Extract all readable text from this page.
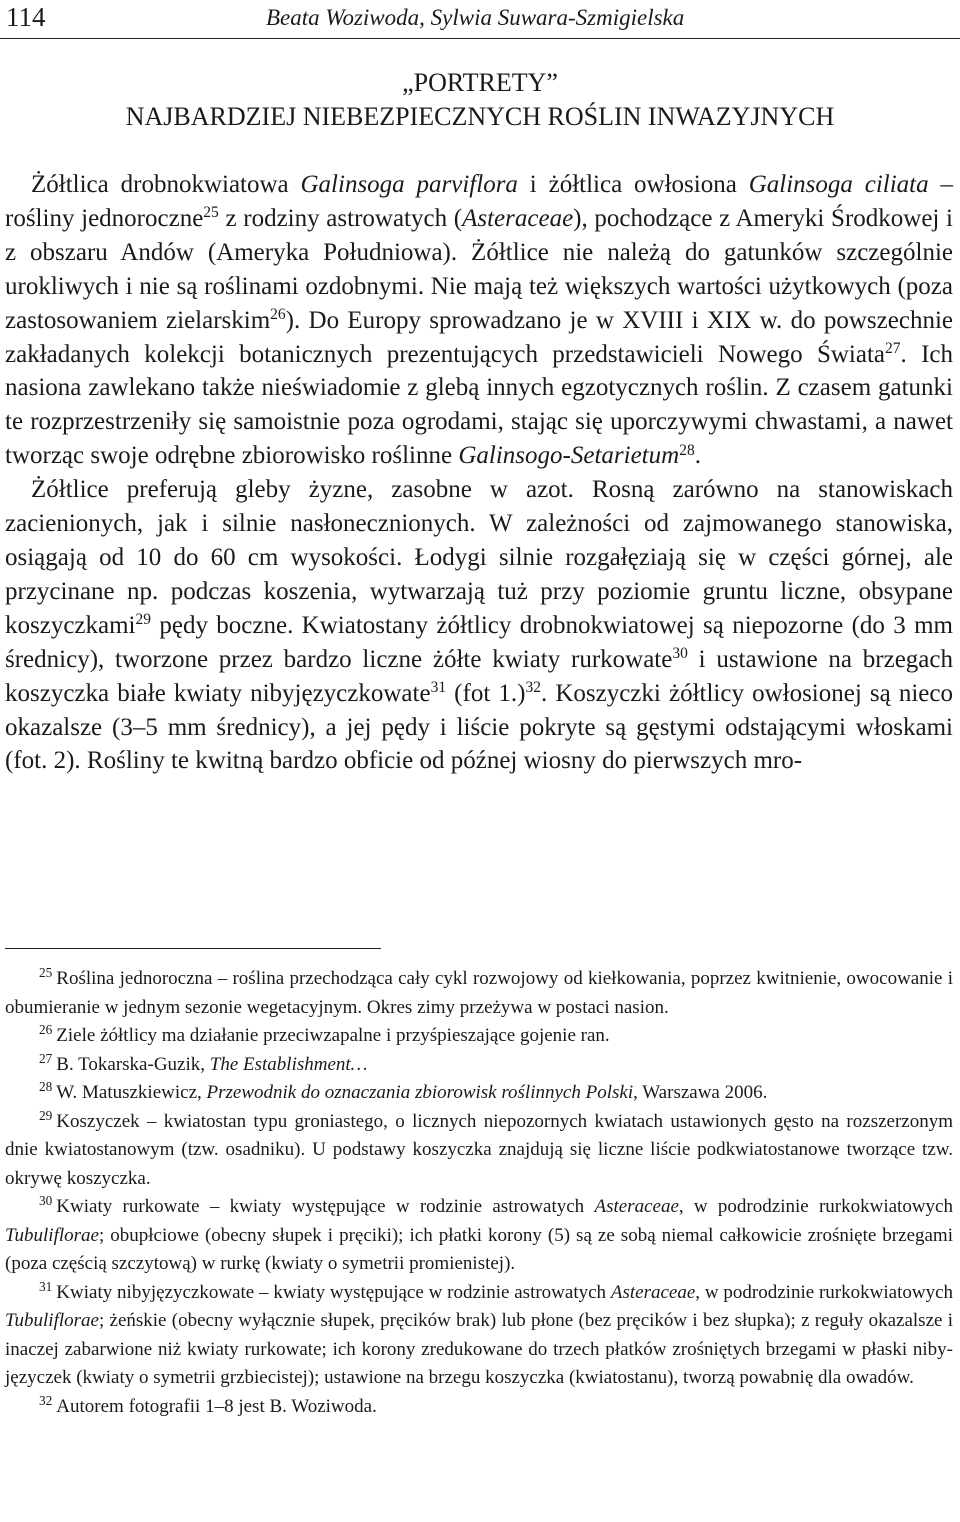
114	Beata Woziwoda, Sylwia Suwara-Szmigielska
„PORTRETY”
NAJBARDZIEJ NIEBEZPIECZNYCH ROŚLIN INWAZYJNYCH

Żółtlica drobnokwiatowa Galinsoga parviflora i żółtlica owłosiona Galinsoga ciliata – rośliny jednoroczne$^{25}$ z rodziny astrowatych (Asteraceae), pochodzące z Ameryki Środkowej i z obszaru Andów (Ameryka Południowa). Żółtlice nie należą do gatunków szczególnie urokliwych i nie są roślinami ozdobnymi. Nie mają też większych wartości użytkowych (poza zastosowaniem zielarskim$^{26}$). Do Europy sprowadzano je w XVIII i XIX w. do powszechnie zakładanych kolekcji botanicznych prezentujących przedstawicieli Nowego Świata$^{27}$. Ich nasiona zawlekano także nieświadomie z glebą innych egzotycznych roślin. Z czasem gatunki te rozprzestrzeniły się samoistnie poza ogrodami, stając się uporczywymi chwastami, a nawet tworząc swoje odrębne zbiorowisko roślinne Galinsogo-Setarietum$^{28}$.

Żółtlice preferują gleby żyzne, zasobne w azot. Rosną zarówno na stanowiskach zacienionych, jak i silnie nasłonecznionych. W zależności od zajmowanego stanowiska, osiągają od 10 do 60 cm wysokości. Łodygi silnie rozgałęziają się w części górnej, ale przycinane np. podczas koszenia, wytwarzają tuż przy poziomie gruntu liczne, obsypane koszyczkami$^{29}$ pędy boczne. Kwiatostany żółtlicy drobnokwiatowej są niepozorne (do 3 mm średnicy), tworzone przez bardzo liczne żółte kwiaty rurkowate$^{30}$ i ustawione na brzegach koszyczka białe kwiaty nibyjęzyczkowate$^{31}$ (fot 1.)$^{32}$. Koszyczki żółtlicy owłosionej są nieco okazalsze (3–5 mm średnicy), a jej pędy i liście pokryte są gęstymi odstającymi włoskami (fot. 2). Rośliny te kwitną bardzo obficie od późnej wiosny do pierwszych mro-

$^{25}$ Roślina jednoroczna – roślina przechodząca cały cykl rozwojowy od kiełkowania, poprzez kwitnienie, owocowanie i obumieranie w jednym sezonie wegetacyjnym. Okres zimy przeżywa w postaci nasion.

$^{26}$ Ziele żółtlicy ma działanie przeciwzapalne i przyśpieszające gojenie ran.

$^{27}$ B. Tokarska-Guzik, The Establishment…

$^{28}$ W. Matuszkiewicz, Przewodnik do oznaczania zbiorowisk roślinnych Polski, Warszawa 2006.

$^{29}$ Koszyczek – kwiatostan typu groniastego, o licznych niepozornych kwiatach ustawionych gęsto na rozszerzonym dnie kwiatostanowym (tzw. osadniku). U podstawy koszyczka znajdują się liczne liście podkwiatostanowe tworzące tzw. okrywę koszyczka.

$^{30}$ Kwiaty rurkowate – kwiaty występujące w rodzinie astrowatych Asteraceae, w podrodzinie rurkokwiatowych Tubuliflorae; obupłciowe (obecny słupek i pręciki); ich płatki korony (5) są ze sobą niemal całkowicie zrośnięte brzegami (poza częścią szczytową) w rurkę (kwiaty o symetrii promienistej).

$^{31}$ Kwiaty nibyjęzyczkowate – kwiaty występujące w rodzinie astrowatych Asteraceae, w podrodzinie rurkokwiatowych Tubuliflorae; żeńskie (obecny wyłącznie słupek, pręcików brak) lub płone (bez pręcików i bez słupka); z reguły okazalsze i inaczej zabarwione niż kwiaty rurkowate; ich korony zredukowane do trzech płatków zrośniętych brzegami w płaski niby-języczek (kwiaty o symetrii grzbiecistej); ustawione na brzegu koszyczka (kwiatostanu), tworzą powabnię dla owadów.

$^{32}$ Autorem fotografii 1–8 jest B. Woziwoda.
